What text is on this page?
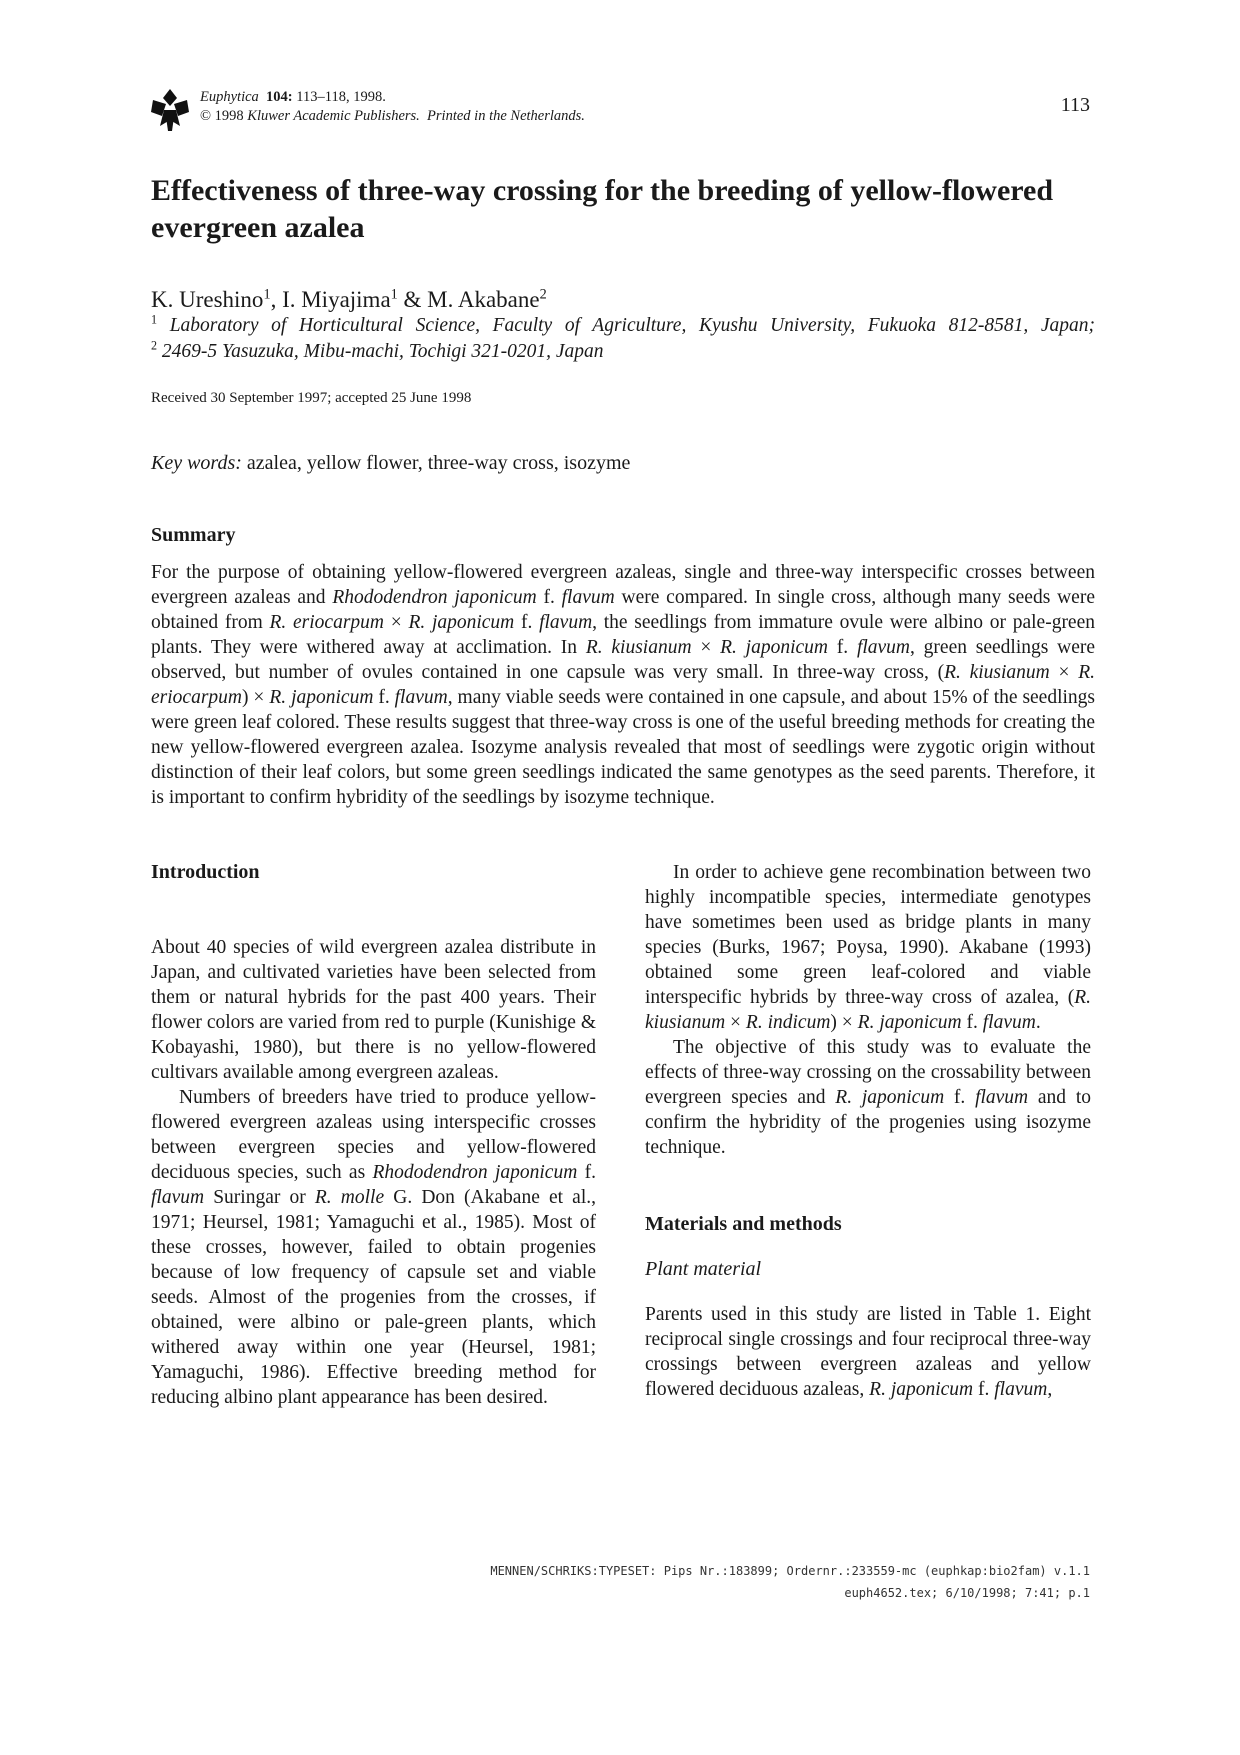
Euphytica 104: 113–118, 1998.
© 1998 Kluwer Academic Publishers. Printed in the Netherlands.	113
Effectiveness of three-way crossing for the breeding of yellow-flowered evergreen azalea
K. Ureshino$^1$, I. Miyajima$^1$ & M. Akabane$^2$
$^1$ Laboratory of Horticultural Science, Faculty of Agriculture, Kyushu University, Fukuoka 812-8581, Japan;
$^2$ 2469-5 Yasuzuka, Mibu-machi, Tochigi 321-0201, Japan
Received 30 September 1997; accepted 25 June 1998
Key words: azalea, yellow flower, three-way cross, isozyme
Summary

For the purpose of obtaining yellow-flowered evergreen azaleas, single and three-way interspecific crosses between evergreen azaleas and Rhododendron japonicum f. flavum were compared. In single cross, although many seeds were obtained from R. eriocarpum × R. japonicum f. flavum, the seedlings from immature ovule were albino or pale-green plants. They were withered away at acclimation. In R. kiusianum × R. japonicum f. flavum, green seedlings were observed, but number of ovules contained in one capsule was very small. In three-way cross, (R. kiusianum × R. eriocarpum) × R. japonicum f. flavum, many viable seeds were contained in one capsule, and about 15% of the seedlings were green leaf colored. These results suggest that three-way cross is one of the useful breeding methods for creating the new yellow-flowered evergreen azalea. Isozyme analysis revealed that most of seedlings were zygotic origin without distinction of their leaf colors, but some green seedlings indicated the same genotypes as the seed parents. Therefore, it is important to confirm hybridity of the seedlings by isozyme technique.

Introduction

About 40 species of wild evergreen azalea distribute in Japan, and cultivated varieties have been selected from them or natural hybrids for the past 400 years. Their flower colors are varied from red to purple (Kunishige & Kobayashi, 1980), but there is no yellow-flowered cultivars available among evergreen azaleas.

Numbers of breeders have tried to produce yellow-flowered evergreen azaleas using interspecific crosses between evergreen species and yellow-flowered deciduous species, such as Rhododendron japonicum f. flavum Suringar or R. molle G. Don (Akabane et al., 1971; Heursel, 1981; Yamaguchi et al., 1985). Most of these crosses, however, failed to obtain progenies because of low frequency of capsule set and viable seeds. Almost of the progenies from the crosses, if obtained, were albino or pale-green plants, which withered away within one year (Heursel, 1981; Yamaguchi, 1986). Effective breeding method for reducing albino plant appearance has been desired.

In order to achieve gene recombination between two highly incompatible species, intermediate genotypes have sometimes been used as bridge plants in many species (Burks, 1967; Poysa, 1990). Akabane (1993) obtained some green leaf-colored and viable interspecific hybrids by three-way cross of azalea, (R. kiusianum × R. indicum) × R. japonicum f. flavum.

The objective of this study was to evaluate the effects of three-way crossing on the crossability between evergreen species and R. japonicum f. flavum and to confirm the hybridity of the progenies using isozyme technique.

Materials and methods
Plant material

Parents used in this study are listed in Table 1. Eight reciprocal single crossings and four reciprocal three-way crossings between evergreen azaleas and yellow flowered deciduous azaleas, R. japonicum f. flavum,

MENNEN/SCHRIKS:TYPESET: Pips Nr.:183899; Ordernr.:233559-mc (euphkap:bio2fam) v.1.1
euph4652.tex; 6/10/1998; 7:41; p.1
